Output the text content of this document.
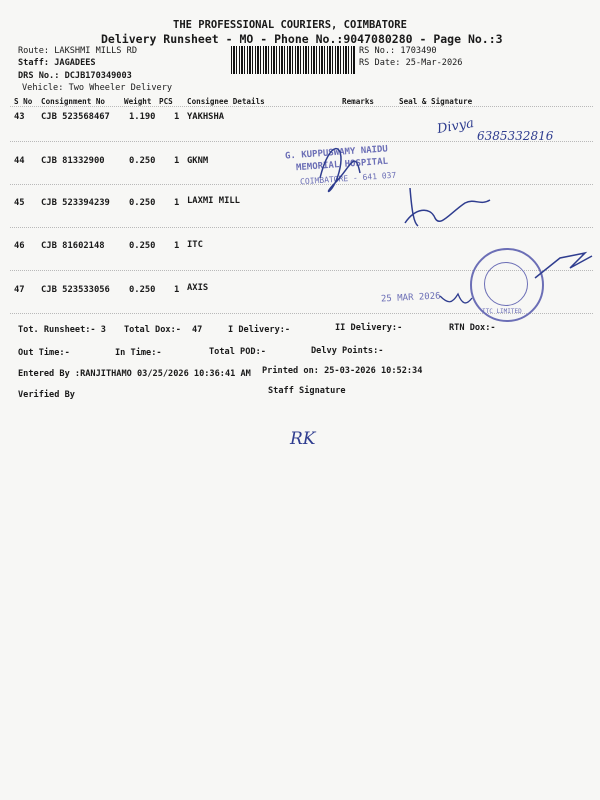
THE PROFESSIONAL COURIERS, COIMBATORE
Delivery Runsheet - MO - Phone No.:9047080280 - Page No.:3
Route: LAKSHMI MILLS RD
Staff: JAGADEES
DRS No.: DCJB170349003
Vehicle: Two Wheeler Delivery
RS No.: 1703490
RS Date: 25-Mar-2026
S No Consignment No Weight PCS Consignee Details	Remarks	Seal & Signature
43 CJB 523568467 1.190 1 YAKHSHA
44 CJB 81332900	0.250 1 GKNM
45 CJB 523394239 0.250 1 LAXMI MILL
46 CJB 81602148	0.250 1 ITC
47 CJB 523533056 0.250 1 AXIS
Tot. Runsheet:- 3 Total Dox:- 47	I Delivery:-	II Delivery:-	RTN Dox:-
Out Time:-	In Time:-	Total POD:-	Delvy Points:-
Entered By :RANJITHAMO 03/25/2026 10:36:41 AM Printed on: 25-03-2026 10:52:34
Verified By	Staff Signature
Divya 6385332816
RK
G. KUPPUSWAMY NAIDU
MEMORIAL HOSPITAL
COIMBATORE - 641 037
25 MAR 2026
ITC LIMITED
